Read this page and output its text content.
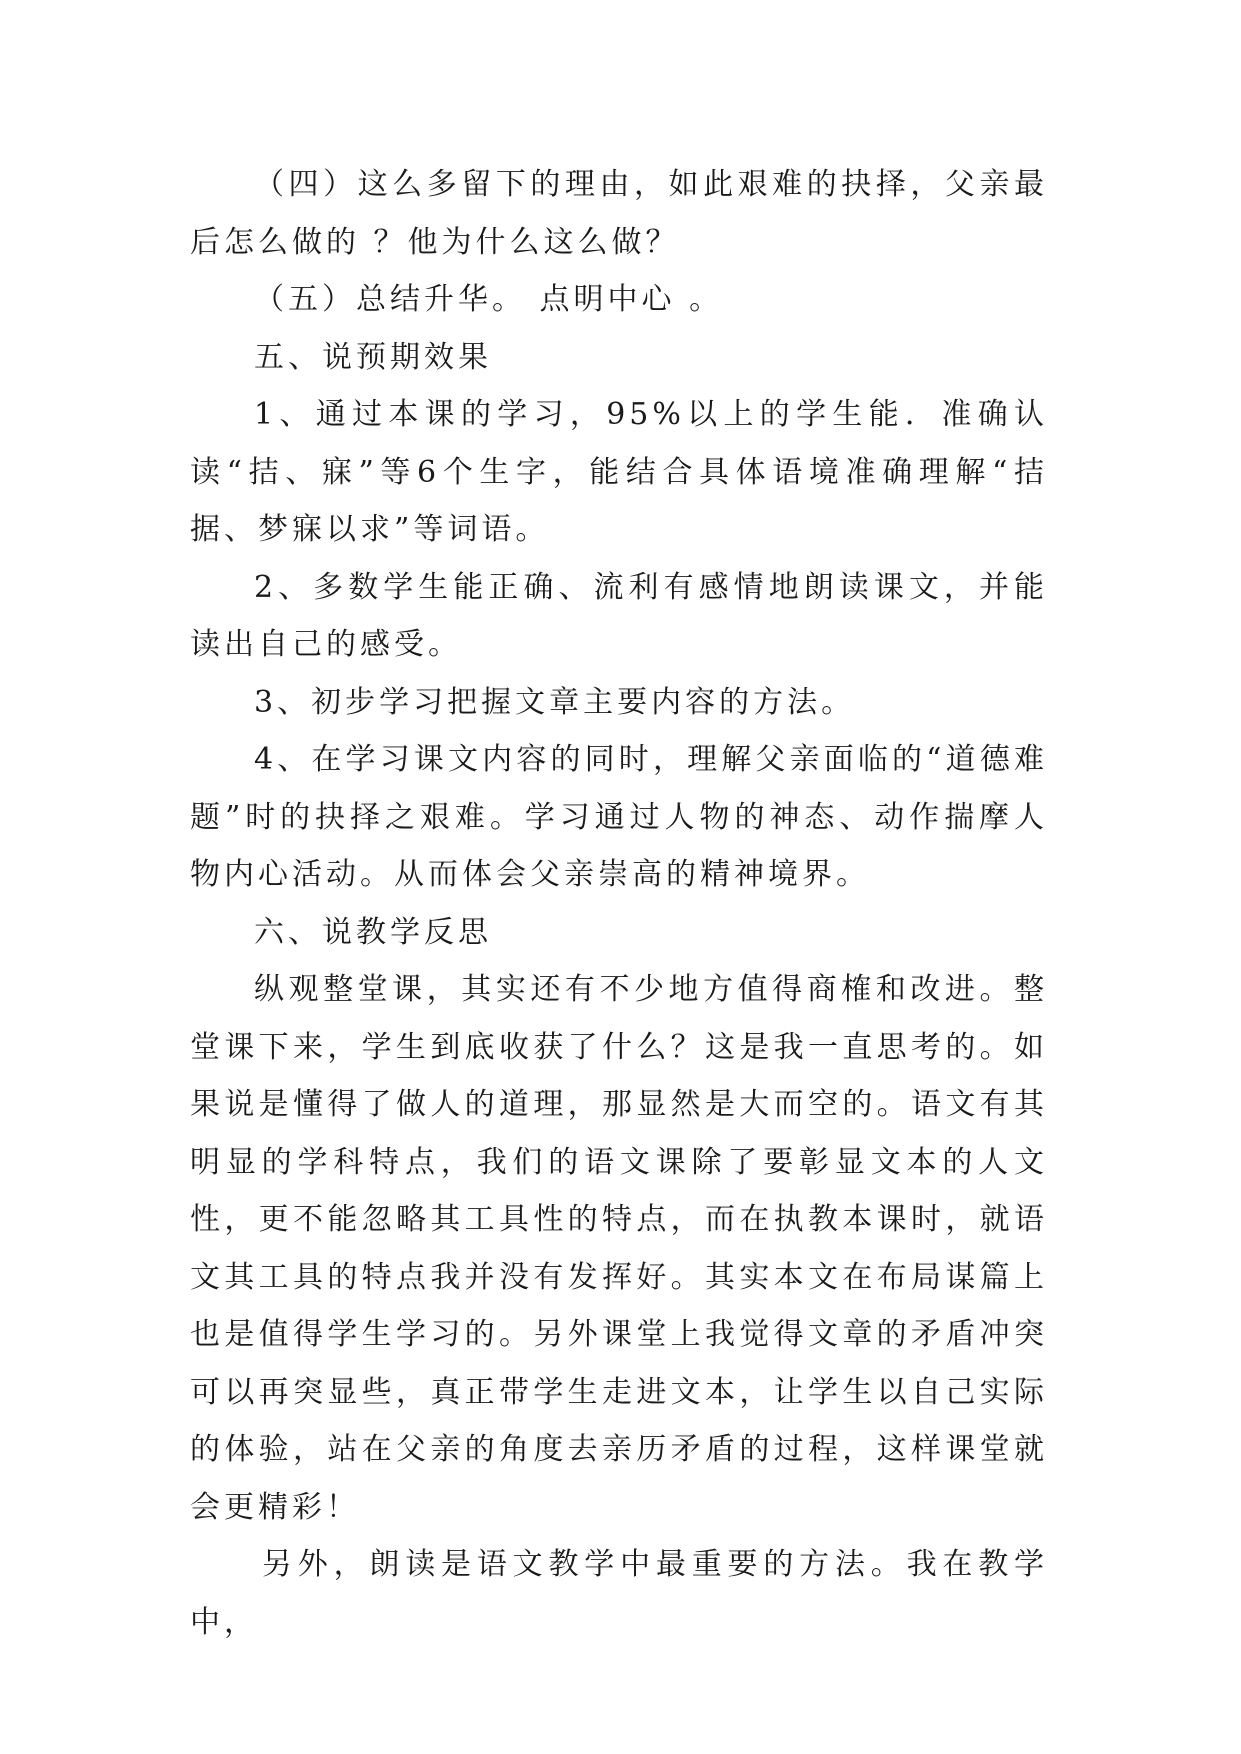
（四）这么多留下的理由，如此艰难的抉择，父亲最后怎么做的 ？他为什么这么做？

（五）总结升华。 点明中心 。

五、说预期效果

1、通过本课的学习，95%以上的学生能．准确认读“拮、寐”等6个生字，能结合具体语境准确理解“拮据、梦寐以求”等词语。

2、多数学生能正确、流利有感情地朗读课文，并能读出自己的感受。

3、初步学习把握文章主要内容的方法。

4、在学习课文内容的同时，理解父亲面临的“道德难题”时的抉择之艰难。学习通过人物的神态、动作揣摩人物内心活动。从而体会父亲崇高的精神境界。

六、说教学反思

纵观整堂课，其实还有不少地方值得商榷和改进。整堂课下来，学生到底收获了什么？这是我一直思考的。如果说是懂得了做人的道理，那显然是大而空的。语文有其明显的学科特点，我们的语文课除了要彰显文本的人文性，更不能忽略其工具性的特点，而在执教本课时，就语文其工具的特点我并没有发挥好。其实本文在布局谋篇上也是值得学生学习的。另外课堂上我觉得文章的矛盾冲突可以再突显些，真正带学生走进文本，让学生以自己实际的体验，站在父亲的角度去亲历矛盾的过程，这样课堂就会更精彩！

另外，朗读是语文教学中最重要的方法。我在教学中，
